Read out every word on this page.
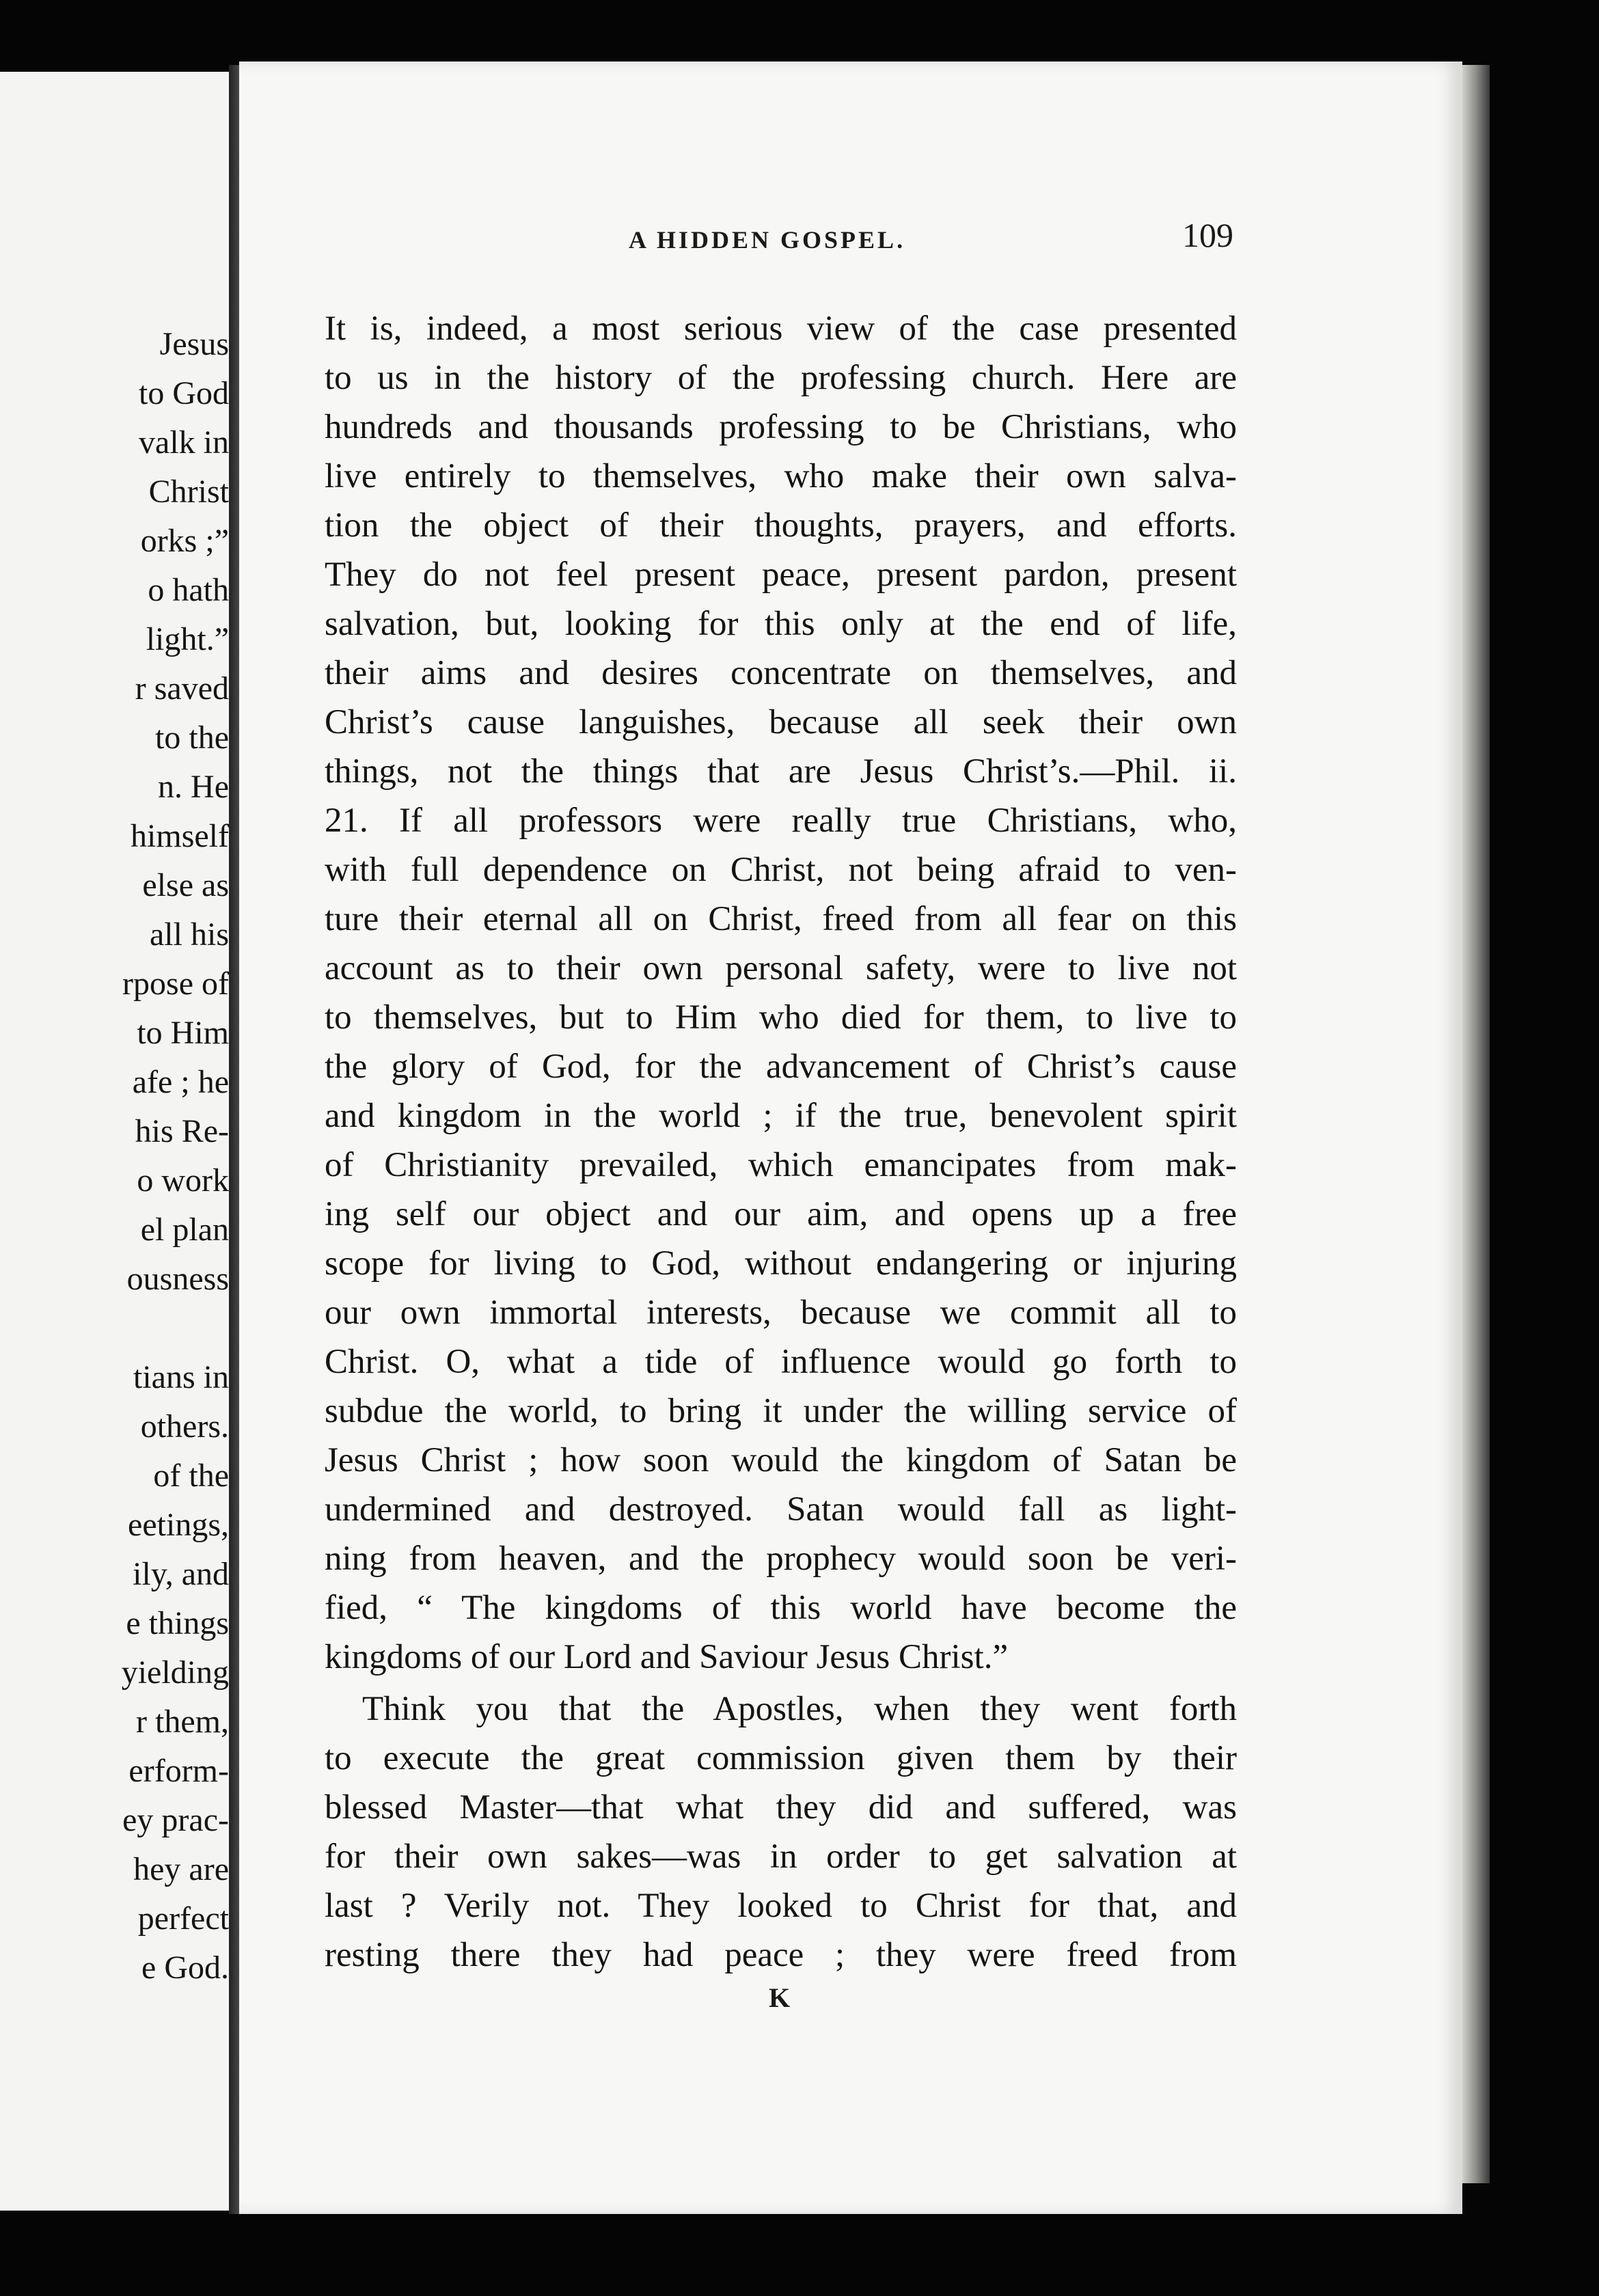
Jesus
to God
valk in
Christ
orks ;”
o hath
light.”
r saved
to the
n. He
himself
else as
all his
rpose of
to Him
afe ; he
his Re-
o work
el plan
ousness
tians in
others.
of the
eetings,
ily, and
e things
yielding
r them,
erform-
ey prac-
hey are
perfect
e God.
A HIDDEN GOSPEL.	109
It is, indeed, a most serious view of the case presented
to us in the history of the professing church. Here are
hundreds and thousands professing to be Christians, who
live entirely to themselves, who make their own salva-
tion the object of their thoughts, prayers, and efforts.
They do not feel present peace, present pardon, present
salvation, but, looking for this only at the end of life,
their aims and desires concentrate on themselves, and
Christ’s cause languishes, because all seek their own
things, not the things that are Jesus Christ’s.—Phil. ii.
21. If all professors were really true Christians, who,
with full dependence on Christ, not being afraid to ven-
ture their eternal all on Christ, freed from all fear on this
account as to their own personal safety, were to live not
to themselves, but to Him who died for them, to live to
the glory of God, for the advancement of Christ’s cause
and kingdom in the world ; if the true, benevolent spirit
of Christianity prevailed, which emancipates from mak-
ing self our object and our aim, and opens up a free
scope for living to God, without endangering or injuring
our own immortal interests, because we commit all to
Christ. O, what a tide of influence would go forth to
subdue the world, to bring it under the willing service of
Jesus Christ ; how soon would the kingdom of Satan be
undermined and destroyed. Satan would fall as light-
ning from heaven, and the prophecy would soon be veri-
fied, “ The kingdoms of this world have become the
kingdoms of our Lord and Saviour Jesus Christ.”
Think you that the Apostles, when they went forth
to execute the great commission given them by their
blessed Master—that what they did and suffered, was
for their own sakes—was in order to get salvation at
last ? Verily not. They looked to Christ for that, and
resting there they had peace ; they were freed from
K
